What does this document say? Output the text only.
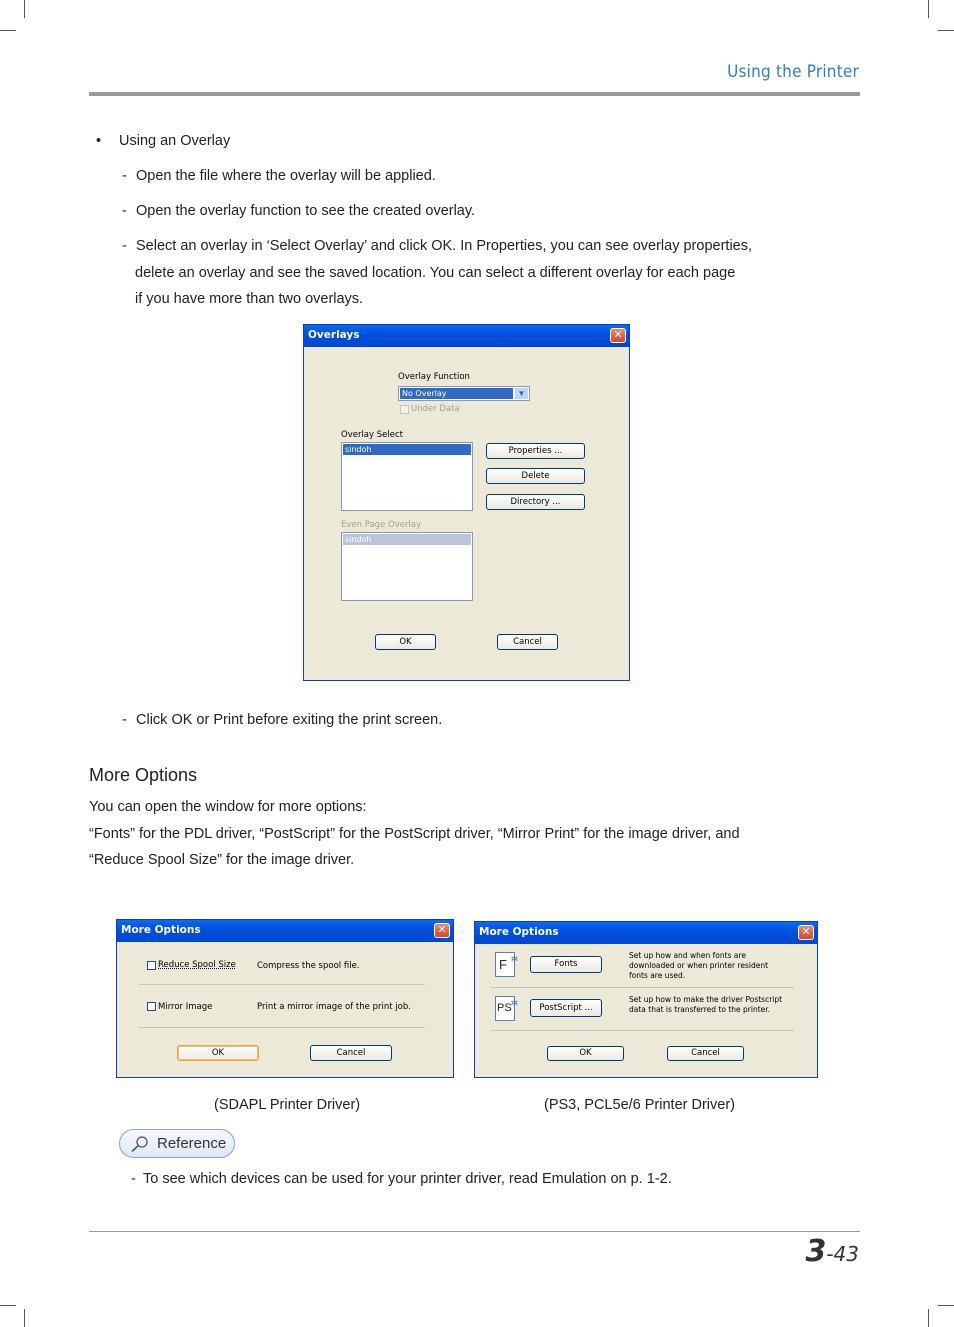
Using the Printer
• Using an Overlay
- Open the file where the overlay will be applied.
- Open the overlay function to see the created overlay.
- Select an overlay in ‘Select Overlay’ and click OK. In Properties, you can see overlay properties,
delete an overlay and see the saved location. You can select a different overlay for each page
if you have more than two overlays.
Overlays	✕
Overlay Function
No Overlay	▼
Under Data
Overlay Select
sindoh	Properties ...
Delete
Directory ...
Even Page Overlay
sindoh
OK	Cancel
- Click OK or Print before exiting the print screen.
More Options
You can open the window for more options:
“Fonts” for the PDL driver, “PostScript” for the PostScript driver, “Mirror Print” for the image driver, and
“Reduce Spool Size” for the image driver.
More Options	✕
Reduce Spool Size Compress the spool file.
Mirror Image	Print a mirror image of the print job.
OK	Cancel
More Options	✕
F ✲	Fonts
Set up how and when fonts are
downloaded or when printer resident
fonts are used.
PS
✲	PostScript ...
Set up how to make the driver Postscript
data that is transferred to the printer.
OK	Cancel
(SDAPL Printer Driver)	(PS3, PCL5e/6 Printer Driver)
Reference
- To see which devices can be used for your printer driver, read Emulation on p. 1-2.
3-43
